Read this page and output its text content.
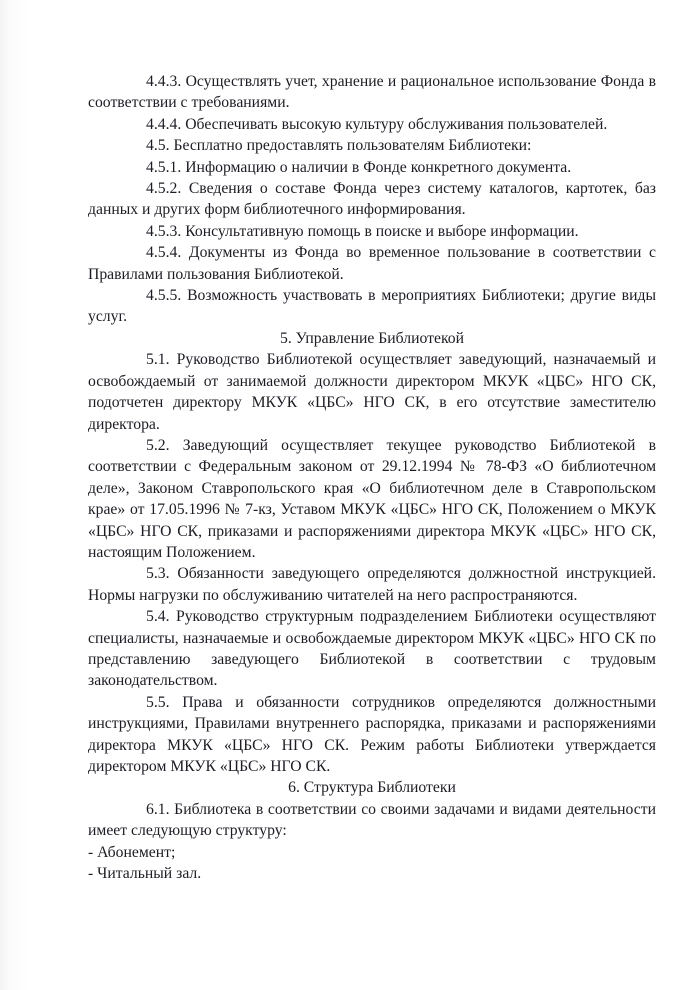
4.4.3. Осуществлять учет, хранение и рациональное использование Фонда в соответствии с требованиями.

4.4.4. Обеспечивать высокую культуру обслуживания пользователей.

4.5. Бесплатно предоставлять пользователям Библиотеки:

4.5.1. Информацию о наличии в Фонде конкретного документа.

4.5.2. Сведения о составе Фонда через систему каталогов, картотек, баз данных и других форм библиотечного информирования.

4.5.3. Консультативную помощь в поиске и выборе информации.

4.5.4. Документы из Фонда во временное пользование в соответствии с Правилами пользования Библиотекой.

4.5.5. Возможность участвовать в мероприятиях Библиотеки; другие виды услуг.

5. Управление Библиотекой

5.1. Руководство Библиотекой осуществляет заведующий, назначаемый и освобождаемый от занимаемой должности директором МКУК «ЦБС» НГО СК, подотчетен директору МКУК «ЦБС» НГО СК, в его отсутствие заместителю директора.

5.2. Заведующий осуществляет текущее руководство Библиотекой в соответствии с Федеральным законом от 29.12.1994 № 78-ФЗ «О библиотечном деле», Законом Ставропольского края «О библиотечном деле в Ставропольском крае» от 17.05.1996 № 7-кз, Уставом МКУК «ЦБС» НГО СК, Положением о МКУК «ЦБС» НГО СК, приказами и распоряжениями директора МКУК «ЦБС» НГО СК, настоящим Положением.

5.3. Обязанности заведующего определяются должностной инструкцией. Нормы нагрузки по обслуживанию читателей на него распространяются.

5.4. Руководство структурным подразделением Библиотеки осуществляют специалисты, назначаемые и освобождаемые директором МКУК «ЦБС» НГО СК по представлению заведующего Библиотекой в соответствии с трудовым законодательством.

5.5. Права и обязанности сотрудников определяются должностными инструкциями, Правилами внутреннего распорядка, приказами и распоряжениями директора МКУК «ЦБС» НГО СК. Режим работы Библиотеки утверждается директором МКУК «ЦБС» НГО СК.

6. Структура Библиотеки

6.1. Библиотека в соответствии со своими задачами и видами деятельности имеет следующую структуру:

- Абонемент;

- Читальный зал.
